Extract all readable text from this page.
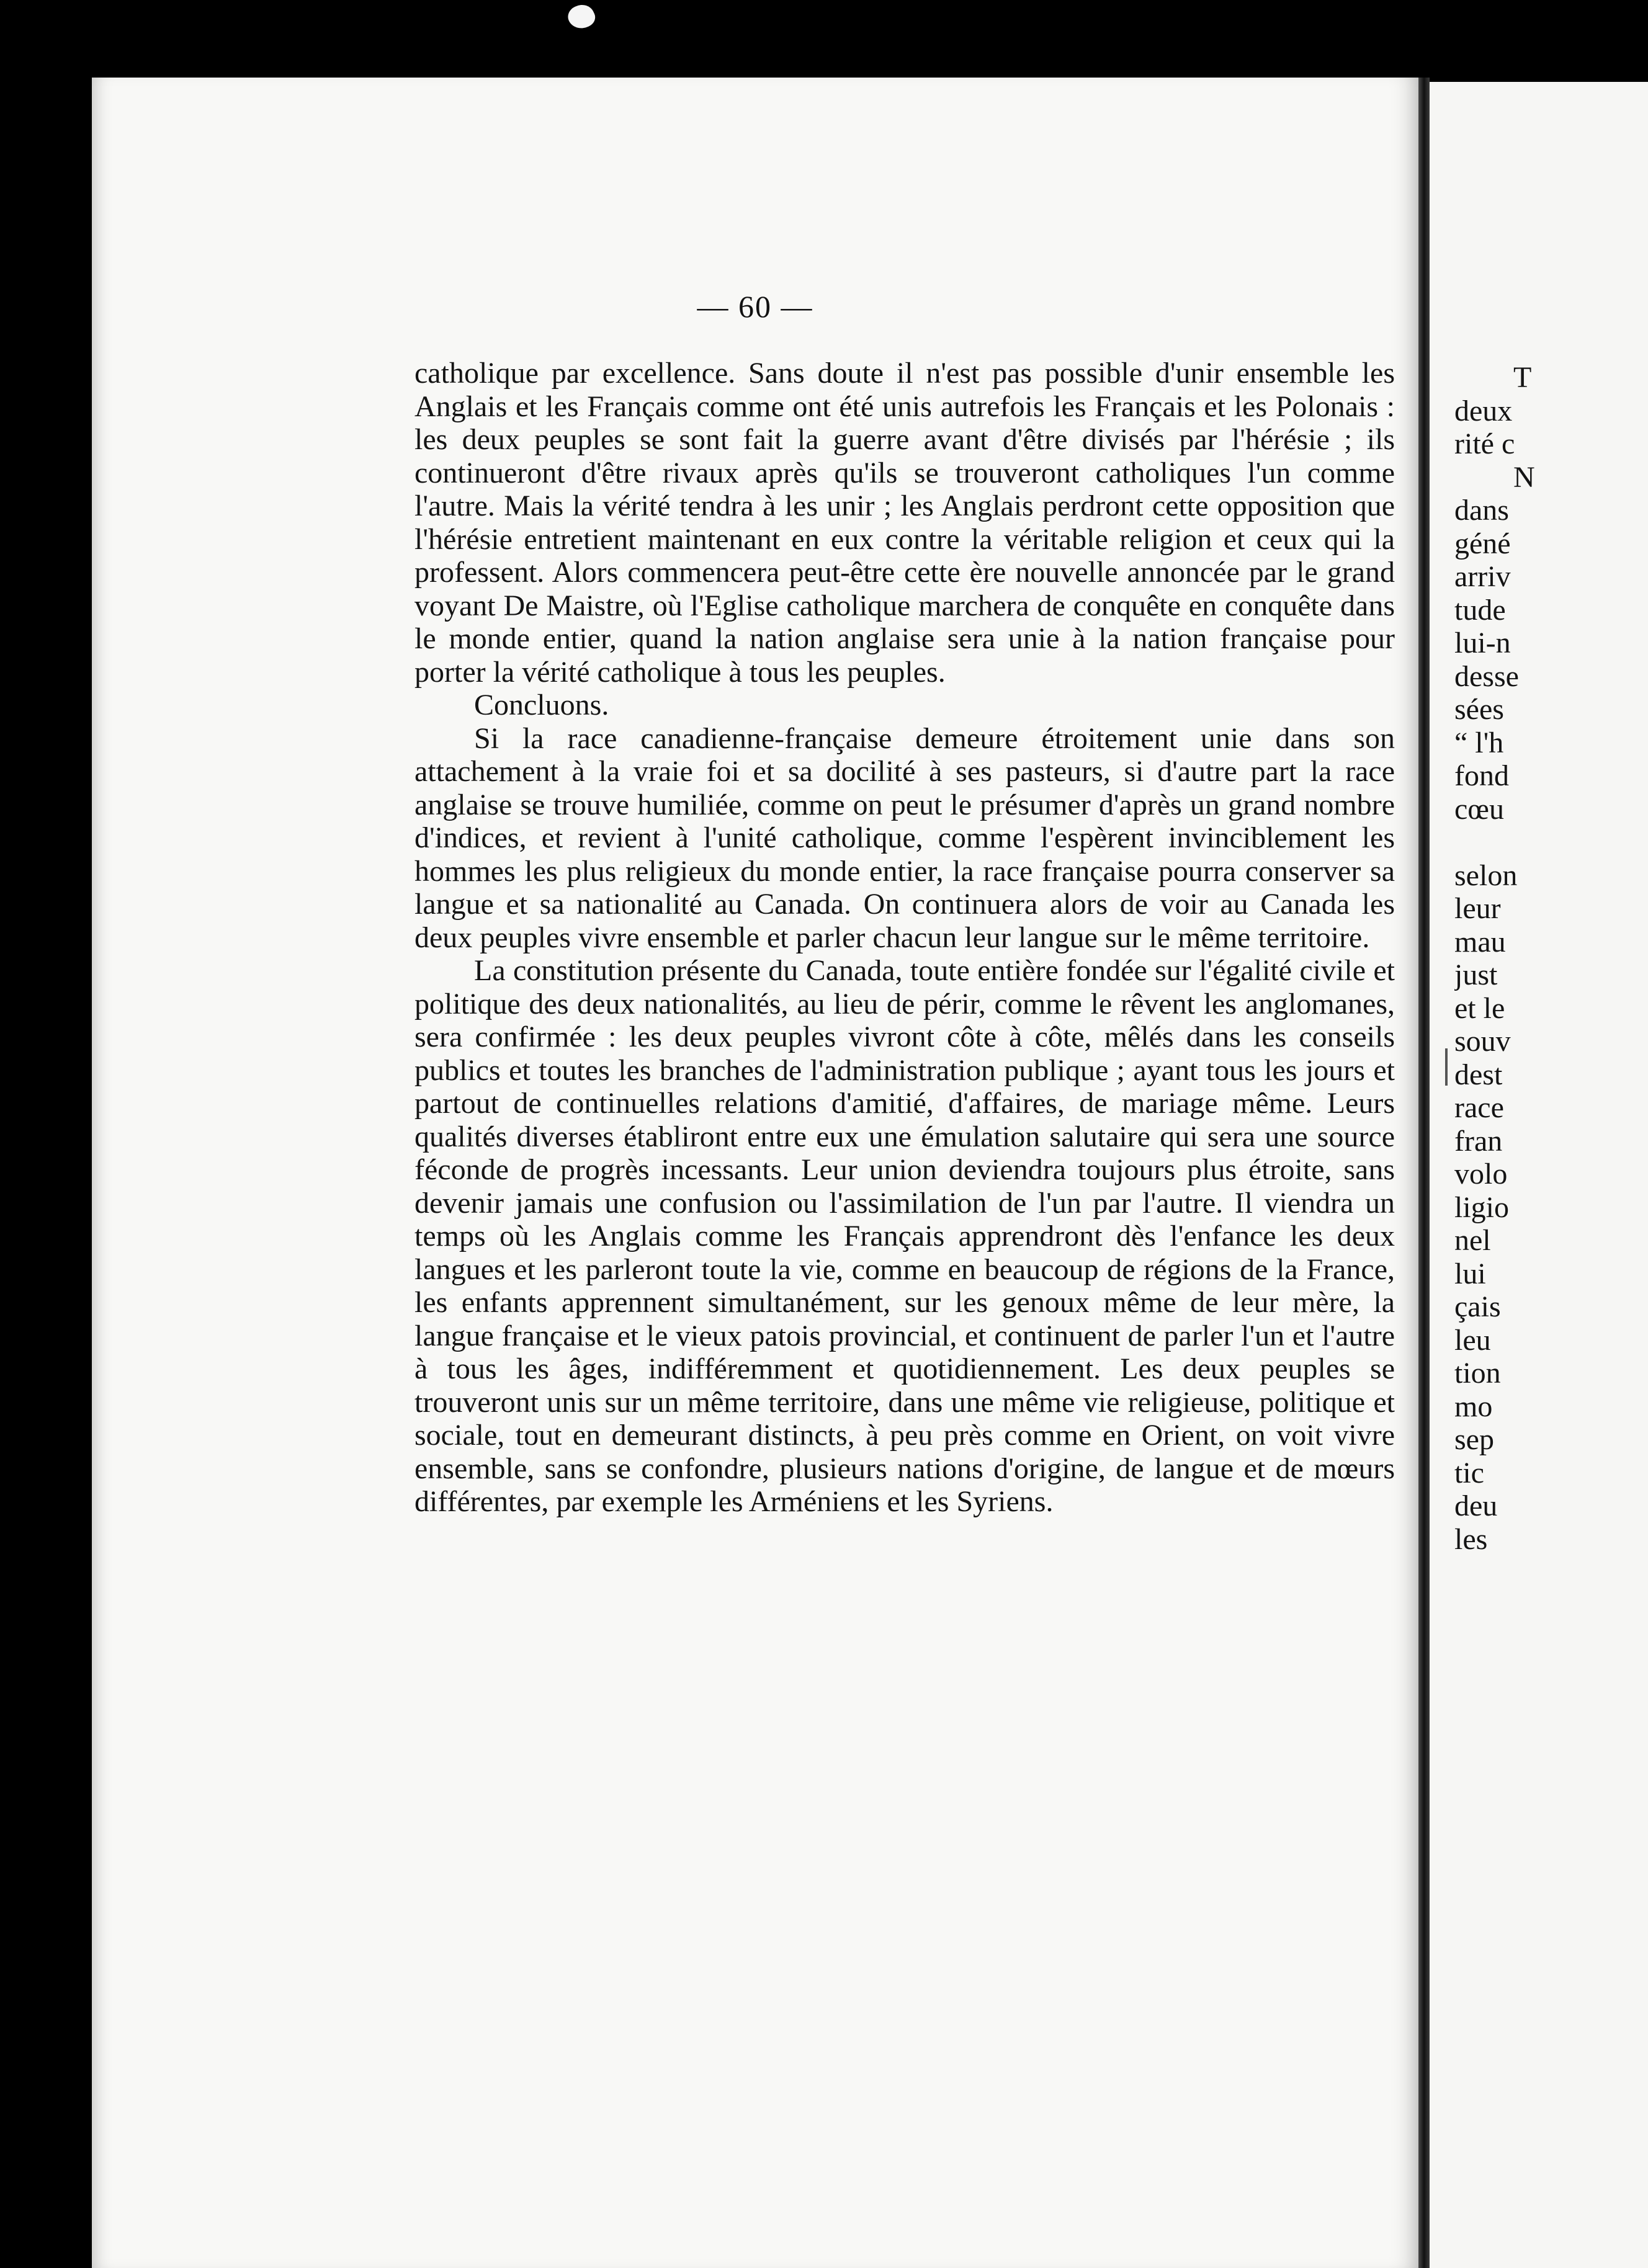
— 60 —

catholique par excellence. Sans doute il n'est pas possible d'unir ensemble les Anglais et les Français comme ont été unis autrefois les Français et les Polonais : les deux peuples se sont fait la guerre avant d'être divisés par l'hérésie ; ils continueront d'être rivaux après qu'ils se trouveront catholiques l'un comme l'autre. Mais la vérité tendra à les unir ; les Anglais perdront cette opposition que l'hérésie entretient maintenant en eux contre la véritable religion et ceux qui la professent. Alors commencera peut-être cette ère nouvelle annoncée par le grand voyant De Maistre, où l'Eglise catholique marchera de conquête en conquête dans le monde entier, quand la nation anglaise sera unie à la nation française pour porter la vérité catholique à tous les peuples.

Concluons.

Si la race canadienne-française demeure étroitement unie dans son attachement à la vraie foi et sa docilité à ses pasteurs, si d'autre part la race anglaise se trouve humiliée, comme on peut le présumer d'après un grand nombre d'indices, et revient à l'unité catholique, comme l'espèrent invinciblement les hommes les plus religieux du monde entier, la race française pourra conserver sa langue et sa nationalité au Canada. On continuera alors de voir au Canada les deux peuples vivre ensemble et parler chacun leur langue sur le même territoire.

La constitution présente du Canada, toute entière fondée sur l'égalité civile et politique des deux nationalités, au lieu de périr, comme le rêvent les anglomanes, sera confirmée : les deux peuples vivront côte à côte, mêlés dans les conseils publics et toutes les branches de l'administration publique ; ayant tous les jours et partout de continuelles relations d'amitié, d'affaires, de mariage même. Leurs qualités diverses établiront entre eux une émulation salutaire qui sera une source féconde de progrès incessants. Leur union deviendra toujours plus étroite, sans devenir jamais une confusion ou l'assimilation de l'un par l'autre. Il viendra un temps où les Anglais comme les Français apprendront dès l'enfance les deux langues et les parleront toute la vie, comme en beaucoup de régions de la France, les enfants apprennent simultanément, sur les genoux même de leur mère, la langue française et le vieux patois provincial, et continuent de parler l'un et l'autre à tous les âges, indifféremment et quotidiennement. Les deux peuples se trouveront unis sur un même territoire, dans une même vie religieuse, politique et sociale, tout en demeurant distincts, à peu près comme en Orient, on voit vivre ensemble, sans se confondre, plusieurs nations d'origine, de langue et de mœurs différentes, par exemple les Arméniens et les Syriens.

T
deux
rité c
N
dans
géné
arriv
tude
lui-n
desse
sées
“ l'h
fond
cœu
selon
leur
mau
just
et le
souv
dest
race
fran
volo
ligio
nel
lui
çais
leu
tion
mo
sep
tic
deu
les
